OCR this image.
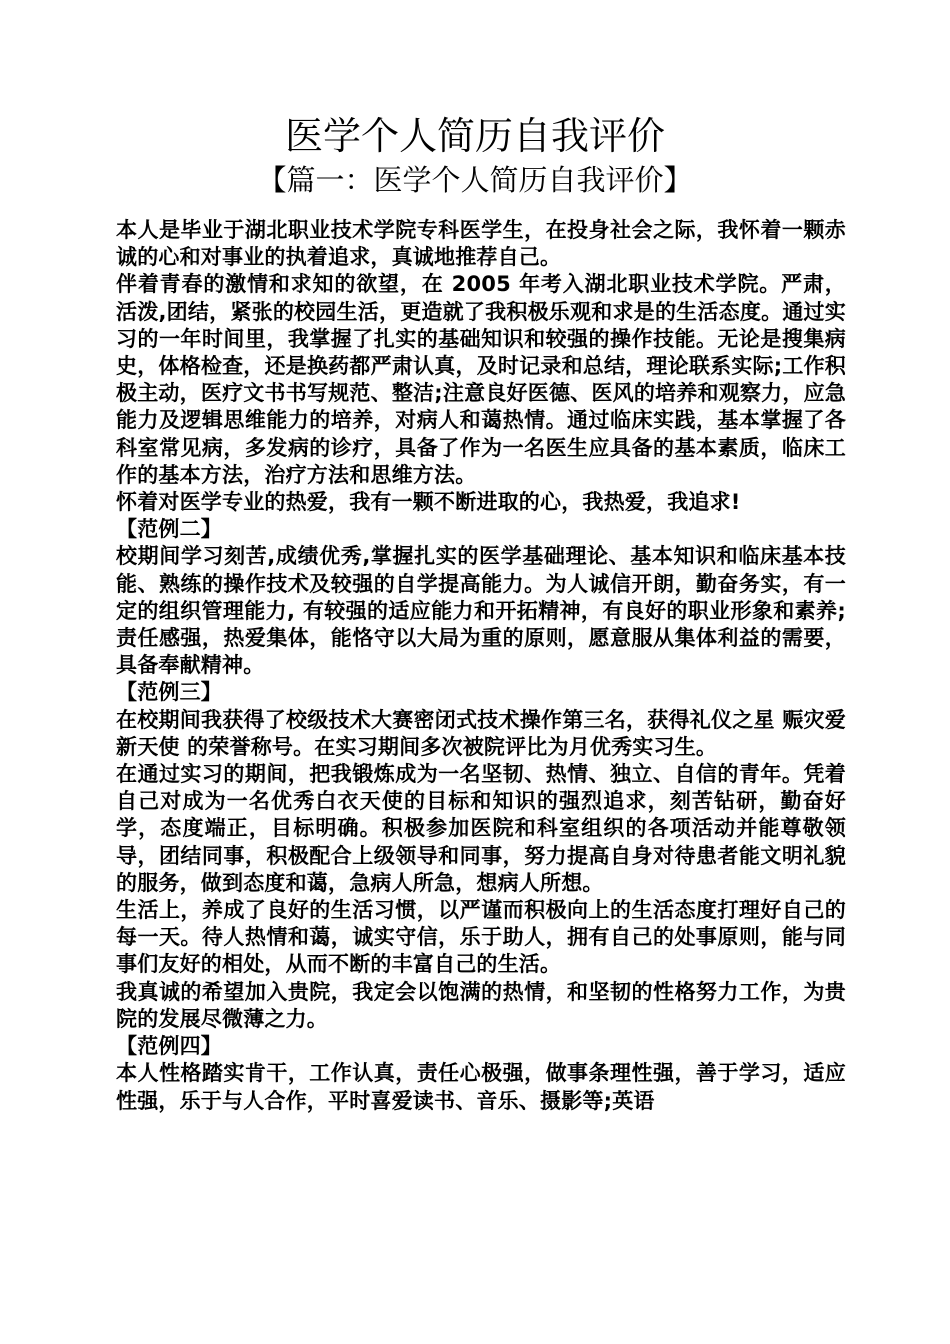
医学个人简历自我评价
【篇一：医学个人简历自我评价】

本人是毕业于湖北职业技术学院专科医学生，在投身社会之际，我怀着一颗赤诚的心和对事业的执着追求，真诚地推荐自己。

伴着青春的激情和求知的欲望，在 2005 年考入湖北职业技术学院。严肃，活泼,团结，紧张的校园生活，更造就了我积极乐观和求是的生活态度。通过实习的一年时间里，我掌握了扎实的基础知识和较强的操作技能。无论是搜集病史，体格检查，还是换药都严肃认真，及时记录和总结，理论联系实际;工作积极主动，医疗文书书写规范、整洁;注意良好医德、医风的培养和观察力，应急能力及逻辑思维能力的培养，对病人和蔼热情。通过临床实践，基本掌握了各科室常见病，多发病的诊疗，具备了作为一名医生应具备的基本素质，临床工作的基本方法，治疗方法和思维方法。

怀着对医学专业的热爱，我有一颗不断进取的心，我热爱，我追求!

【范例二】

校期间学习刻苦,成绩优秀,掌握扎实的医学基础理论、基本知识和临床基本技能、熟练的操作技术及较强的自学提高能力。为人诚信开朗，勤奋务实，有一定的组织管理能力, 有较强的适应能力和开拓精神，有良好的职业形象和素养; 责任感强，热爱集体，能恪守以大局为重的原则，愿意服从集体利益的需要，具备奉献精神。

【范例三】

在校期间我获得了校级技术大赛密闭式技术操作第三名，获得礼仪之星 赈灾爱新天使 的荣誉称号。在实习期间多次被院评比为月优秀实习生。

在通过实习的期间，把我锻炼成为一名坚韧、热情、独立、自信的青年。凭着自己对成为一名优秀白衣天使的目标和知识的强烈追求，刻苦钻研，勤奋好学，态度端正，目标明确。积极参加医院和科室组织的各项活动并能尊敬领导，团结同事，积极配合上级领导和同事，努力提高自身对待患者能文明礼貌的服务，做到态度和蔼，急病人所急，想病人所想。

生活上，养成了良好的生活习惯，以严谨而积极向上的生活态度打理好自己的每一天。待人热情和蔼，诚实守信，乐于助人，拥有自己的处事原则，能与同事们友好的相处，从而不断的丰富自己的生活。

我真诚的希望加入贵院，我定会以饱满的热情，和坚韧的性格努力工作，为贵院的发展尽微薄之力。

【范例四】

本人性格踏实肯干，工作认真，责任心极强，做事条理性强，善于学习，适应性强，乐于与人合作，平时喜爱读书、音乐、摄影等;英语
